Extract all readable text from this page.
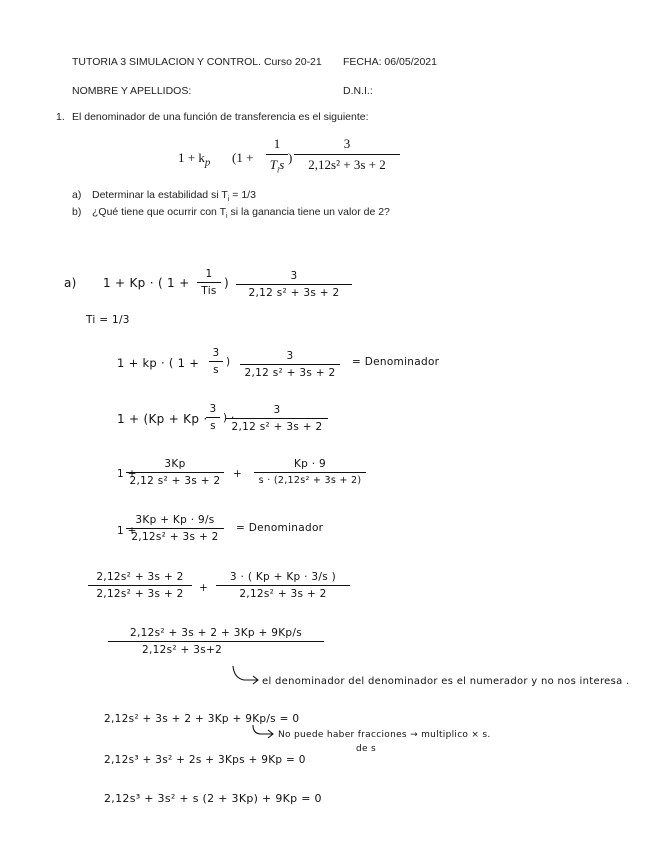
TUTORIA 3 SIMULACION Y CONTROL. Curso 20-21 FECHA: 06/05/2021
NOMBRE Y APELLIDOS:	D.N.I.:
1. El denominador de una función de transferencia es el siguiente:
$1 + k_p$ (1 +
1
$T_is$ )
3
2,12s² + 3s + 2
a) Determinar la estabilidad si $T_i = 1/3$
b) ¿Qué tiene que ocurrir con $T_i$ si la ganancia tiene un valor de 2?
a) 1 + Kp · ( 1 +
1
Tis
)	3
2,12 s² + 3s + 2
Ti = 1/3
1 + kp · ( 1 +
3
s
)	3
2,12 s² + 3s + 2
= Denominador
1 + (Kp + Kp ·
3
s
) ·
3
2,12 s² + 3s + 2
1 +
3Kp
2,12 s² + 3s + 2
+
Kp · 9
s · (2,12s² + 3s + 2)
1 +
3Kp + Kp · 9/s
2,12s² + 3s + 2
= Denominador
2,12s² + 3s + 2
2,12s² + 3s + 2	+
3 · ( Kp + Kp · 3/s )
2,12s² + 3s + 2
2,12s² + 3s + 2 + 3Kp + 9Kp/s
2,12s² + 3s+2
el denominador del denominador es el numerador y no nos interesa .
2,12s² + 3s + 2 + 3Kp + 9Kp/s = 0
No puede haber fracciones → multiplico × s.
de s
2,12s³ + 3s² + 2s + 3Kps + 9Kp = 0
2,12s³ + 3s² + s (2 + 3Kp) + 9Kp = 0
